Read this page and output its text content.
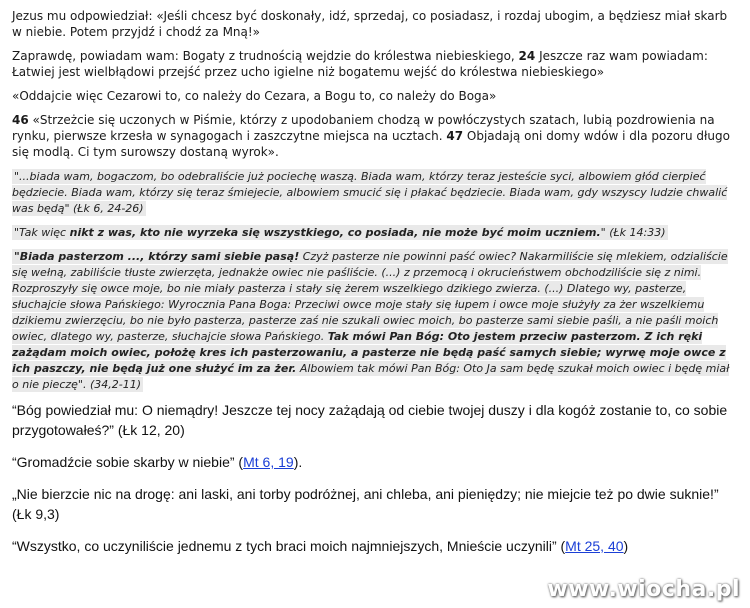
Jezus mu odpowiedział: «Jeśli chcesz być doskonały, idź, sprzedaj, co posiadasz, i rozdaj ubogim, a będziesz miał skarb w niebie. Potem przyjdź i chodź za Mną!»
Zaprawdę, powiadam wam: Bogaty z trudnością wejdzie do królestwa niebieskiego, 24 Jeszcze raz wam powiadam: Łatwiej jest wielbłądowi przejść przez ucho igielne niż bogatemu wejść do królestwa niebieskiego»
«Oddajcie więc Cezarowi to, co należy do Cezara, a Bogu to, co należy do Boga»
46 «Strzeżcie się uczonych w Piśmie, którzy z upodobaniem chodzą w powłóczystych szatach, lubią pozdrowienia na rynku, pierwsze krzesła w synagogach i zaszczytne miejsca na ucztach. 47 Objadają oni domy wdów i dla pozoru długo się modlą. Ci tym surowszy dostaną wyrok».
"...biada wam, bogaczom, bo odebraliście już pociechę waszą. Biada wam, którzy teraz jesteście syci, albowiem głód cierpieć będziecie. Biada wam, którzy się teraz śmiejecie, albowiem smucić się i płakać będziecie. Biada wam, gdy wszyscy ludzie chwalić was będą" (Łk 6, 24-26)
"Tak więc nikt z was, kto nie wyrzeka się wszystkiego, co posiada, nie może być moim uczniem." (Łk 14:33)
"Biada pasterzom ..., którzy sami siebie pasą! Czyż pasterze nie powinni paść owiec? Nakarmiliście się mlekiem, odzialiście się wełną, zabiliście tłuste zwierzęta, jednakże owiec nie paśliście. (...) z przemocą i okrucieństwem obchodziliście się z nimi. Rozproszyły się owce moje, bo nie miały pasterza i stały się żerem wszelkiego dzikiego zwierza. (...) Dlatego wy, pasterze, słuchajcie słowa Pańskiego: Wyrocznia Pana Boga: Przeciwi owce moje stały się łupem i owce moje służyły za żer wszelkiemu dzikiemu zwierzęciu, bo nie było pasterza, pasterze zaś nie szukali owiec moich, bo pasterze sami siebie paśli, a nie paśli moich owiec, dlatego wy, pasterze, słuchajcie słowa Pańskiego. Tak mówi Pan Bóg: Oto jestem przeciw pasterzom. Z ich ręki zażądam moich owiec, położę kres ich pasterzowaniu, a pasterze nie będą paść samych siebie; wyrwę moje owce z ich paszczy, nie będą już one służyć im za żer. Albowiem tak mówi Pan Bóg: Oto Ja sam będę szukał moich owiec i będę miał o nie pieczę". (34,2-11)
“Bóg powiedział mu: O niemądry! Jeszcze tej nocy zażądają od ciebie twojej duszy i dla kogóż zostanie to, co sobie przygotowałeś?” (Łk 12, 20)
“Gromadźcie sobie skarby w niebie” (Mt 6, 19).
„Nie bierzcie nic na drogę: ani laski, ani torby podróżnej, ani chleba, ani pieniędzy; nie miejcie też po dwie suknie!” (Łk 9,3)
“Wszystko, co uczyniliście jednemu z tych braci moich najmniejszych, Mnieście uczynili” (Mt 25, 40)
www.wiocha.pl
